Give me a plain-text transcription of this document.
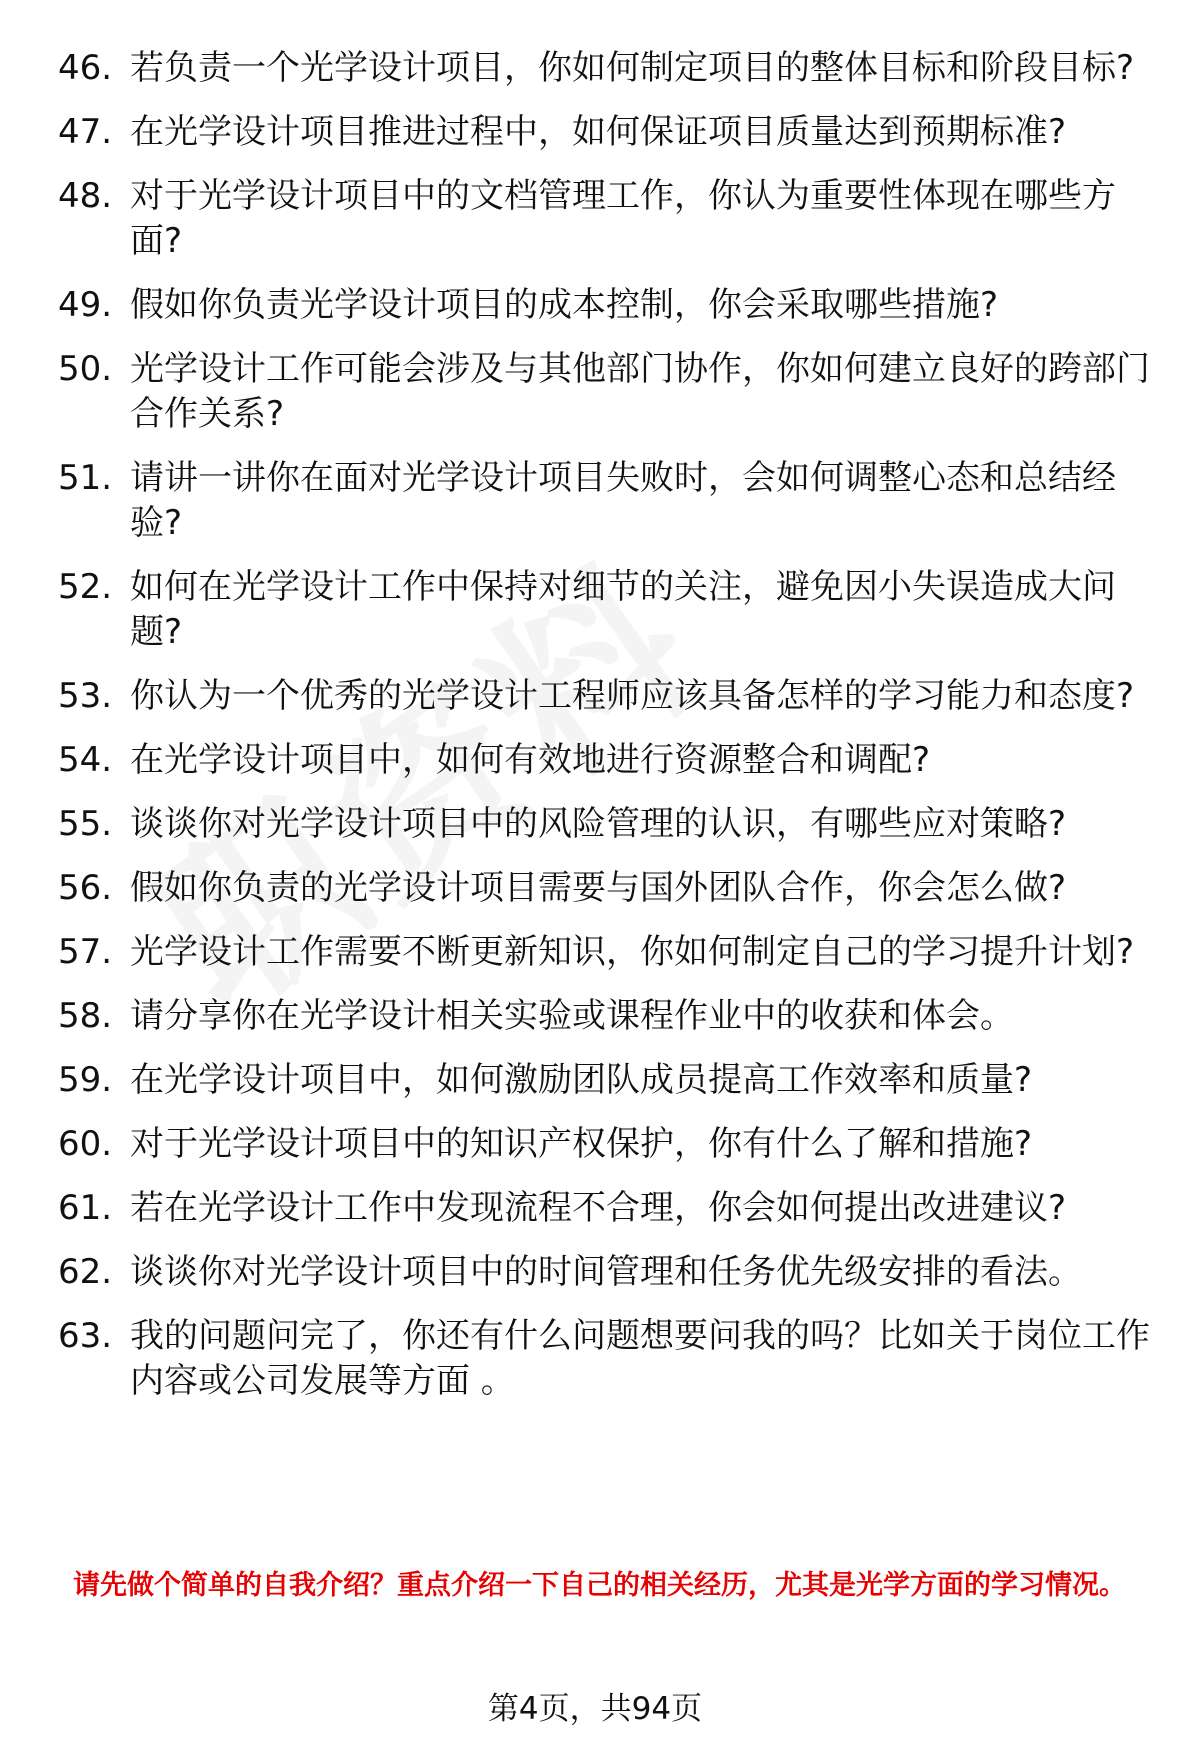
46. 若负责一个光学设计项目，你如何制定项目的整体目标和阶段目标?
47. 在光学设计项目推进过程中，如何保证项目质量达到预期标准?
48. 对于光学设计项目中的文档管理工作，你认为重要性体现在哪些方面?
49. 假如你负责光学设计项目的成本控制，你会采取哪些措施?
50. 光学设计工作可能会涉及与其他部门协作，你如何建立良好的跨部门合作关系?
51. 请讲一讲你在面对光学设计项目失败时，会如何调整心态和总结经验?
52. 如何在光学设计工作中保持对细节的关注，避免因小失误造成大问题?
53. 你认为一个优秀的光学设计工程师应该具备怎样的学习能力和态度?
54. 在光学设计项目中，如何有效地进行资源整合和调配?
55. 谈谈你对光学设计项目中的风险管理的认识，有哪些应对策略?
56. 假如你负责的光学设计项目需要与国外团队合作，你会怎么做?
57. 光学设计工作需要不断更新知识，你如何制定自己的学习提升计划?
58. 请分享你在光学设计相关实验或课程作业中的收获和体会。
59. 在光学设计项目中，如何激励团队成员提高工作效率和质量?
60. 对于光学设计项目中的知识产权保护，你有什么了解和措施?
61. 若在光学设计工作中发现流程不合理，你会如何提出改进建议?
62. 谈谈你对光学设计项目中的时间管理和任务优先级安排的看法。
63. 我的问题问完了，你还有什么问题想要问我的吗？比如关于岗位工作内容或公司发展等方面 。
请先做个简单的自我介绍？重点介绍一下自己的相关经历，尤其是光学方面的学习情况。
第4页，共94页
